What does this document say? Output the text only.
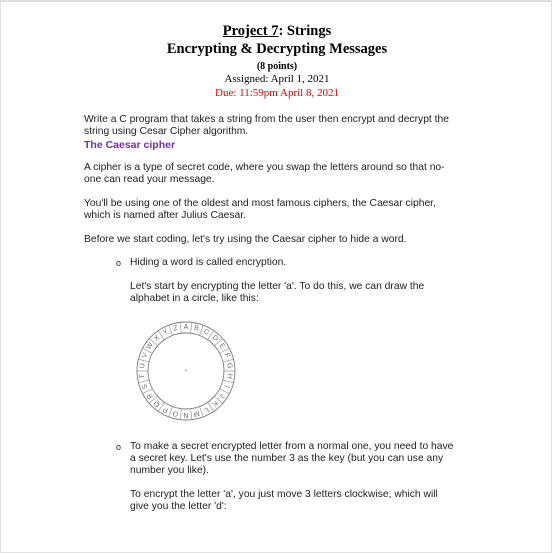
Project 7: Strings
Encrypting & Decrypting Messages
(8 points)
Assigned: April 1, 2021
Due: 11:59pm April 8, 2021
Write a C program that takes a string from the user then encrypt and decrypt the
string using Cesar Cipher algorithm.
The Caesar cipher
A cipher is a type of secret code, where you swap the letters around so that no-
one can read your message.
You'll be using one of the oldest and most famous ciphers, the Caesar cipher,
which is named after Julius Caesar.
Before we start coding, let's try using the Caesar cipher to hide a word.
o Hiding a word is called encryption.
Let's start by encrypting the letter 'a'. To do this, we can draw the
alphabet in a circle, like this:
A B C
D
E
F
G
H
I
J
K
L
M
N
O
P
Q
R
S
T
U
V
W
X
Y Z
.
o To make a secret encrypted letter from a normal one, you need to have
a secret key. Let's use the number 3 as the key (but you can use any
number you like).
To encrypt the letter 'a', you just move 3 letters clockwise, which will
give you the letter 'd':
